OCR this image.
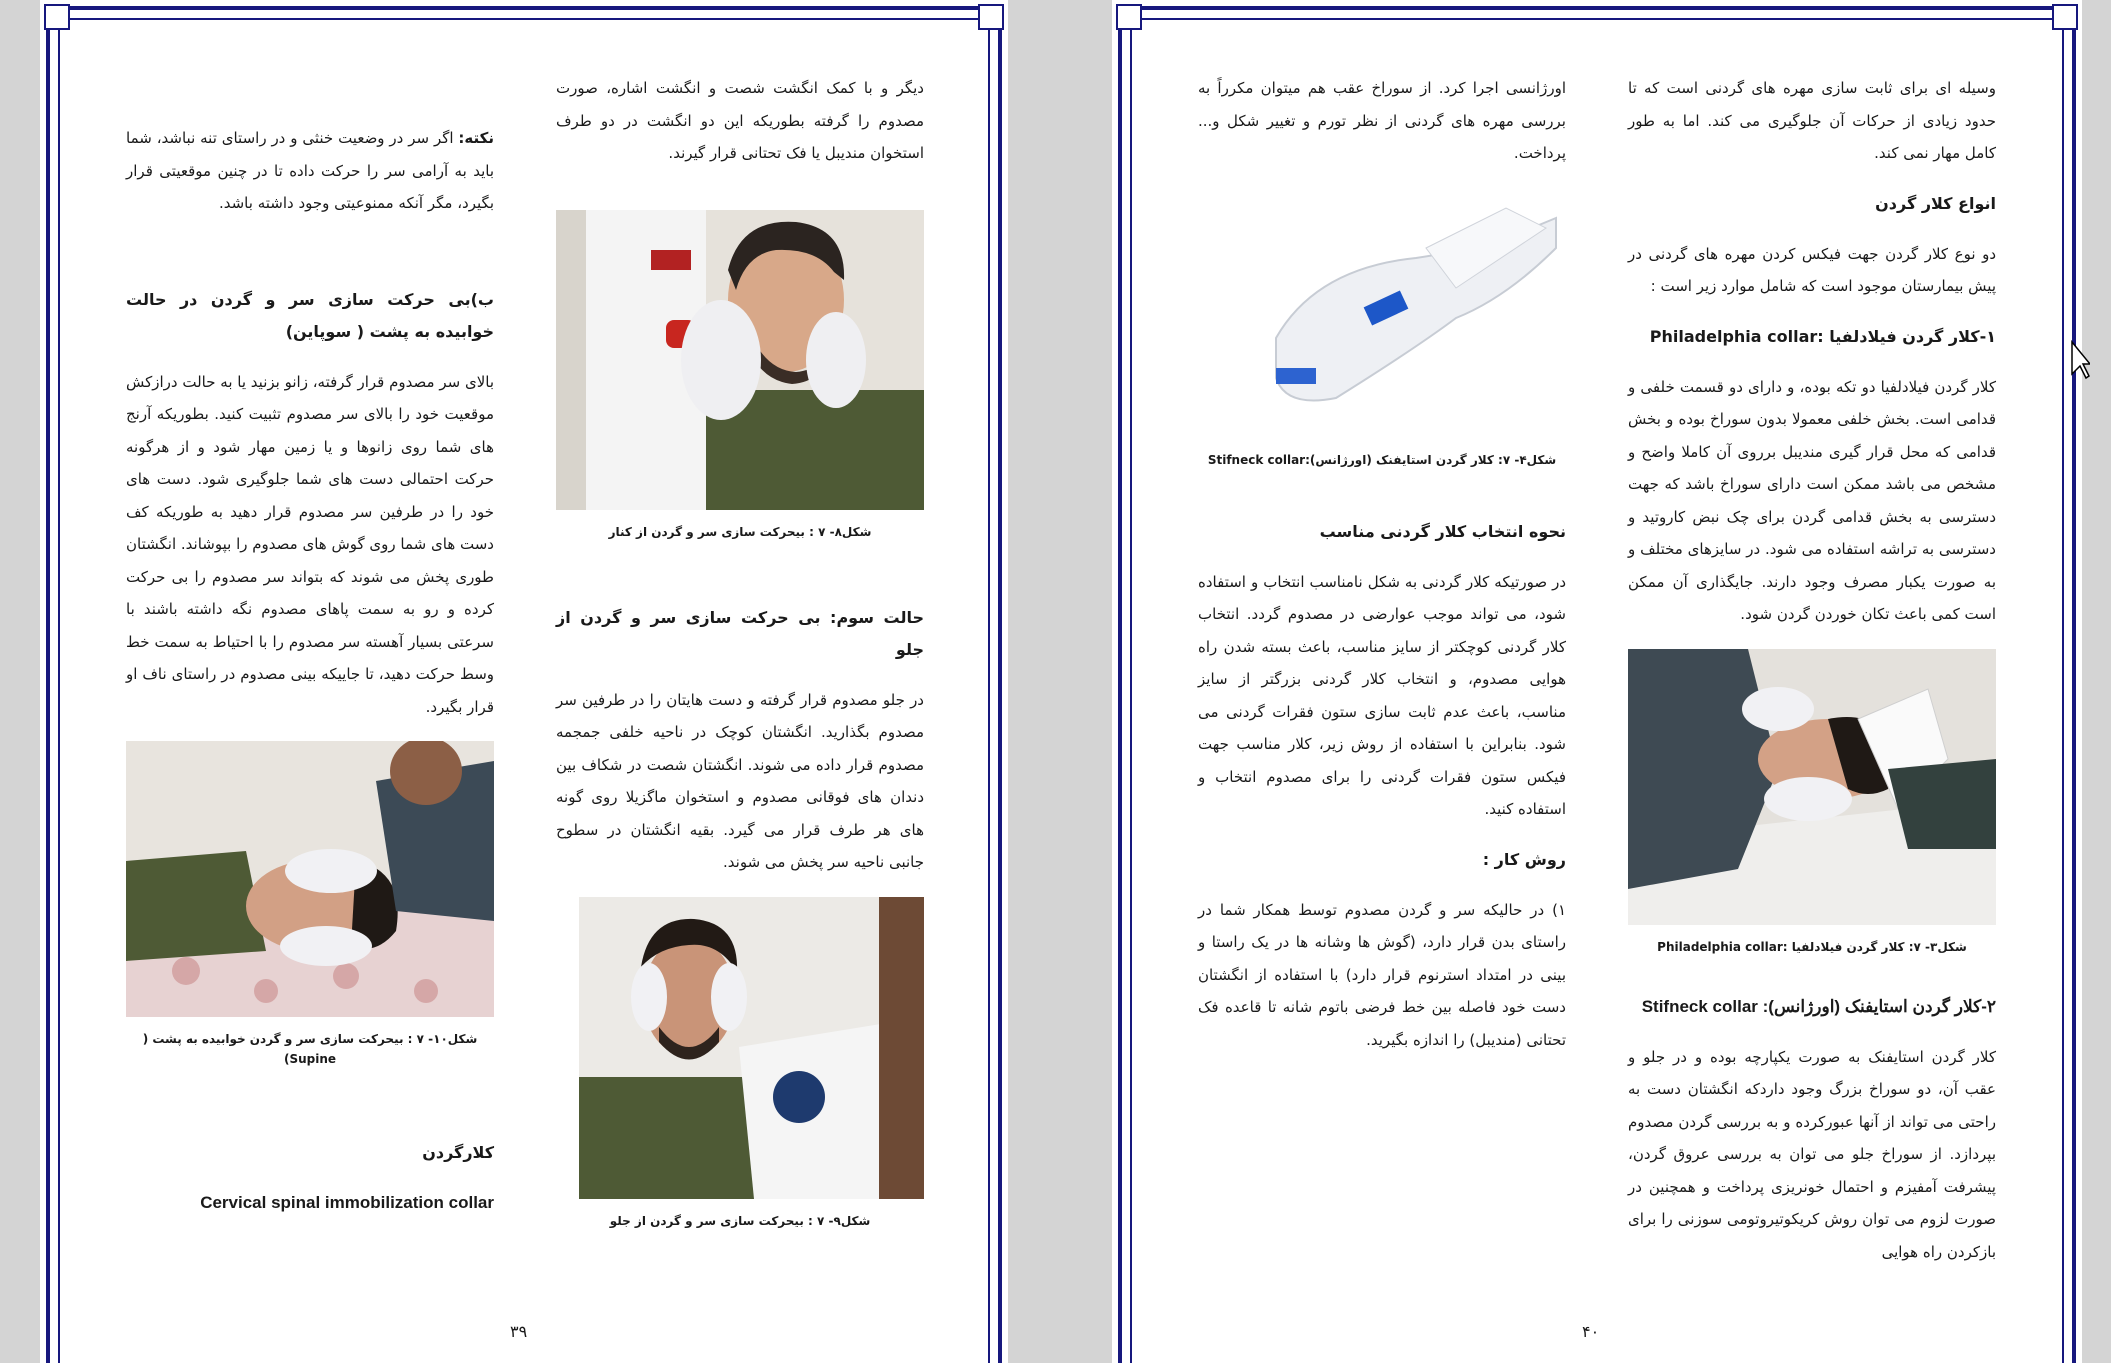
دیگر و با کمک انگشت شصت و انگشت اشاره، صورت مصدوم را گرفته بطوریکه این دو انگشت در دو طرف استخوان مندیبل یا فک تحتانی قرار گیرند.

شکل۸- ۷ : بیحرکت سازی سر و گردن از کنار
حالت سوم: بی حرکت سازی سر و گردن از جلو

در جلو مصدوم قرار گرفته و دست هایتان را در طرفین سر مصدوم بگذارید. انگشتان کوچک در ناحیه خلفی جمجمه مصدوم قرار داده می شوند. انگشتان شصت در شکاف بین دندان های فوقانی مصدوم و استخوان ماگزیلا روی گونه های هر طرف قرار می گیرد. بقیه انگشتان در سطوح جانبی ناحیه سر پخش می شوند.

شکل۹- ۷ : بیحرکت سازی سر و گردن از جلو

نکته: اگر سر در وضعیت خنثی و در راستای تنه نباشد، شما باید به آرامی سر را حرکت داده تا در چنین موقعیتی قرار بگیرد، مگر آنکه ممنوعیتی وجود داشته باشد.

ب)بی حرکت سازی سر و گردن در حالت خوابیده به پشت ( سوپاین)

بالای سر مصدوم قرار گرفته، زانو بزنید یا به حالت درازکش موقعیت خود را بالای سر مصدوم تثبیت کنید. بطوریکه آرنج های شما روی زانوها و یا زمین مهار شود و از هرگونه حرکت احتمالی دست های شما جلوگیری شود. دست های خود را در طرفین سر مصدوم قرار دهید به طوریکه کف دست های شما روی گوش های مصدوم را بپوشاند. انگشتان طوری پخش می شوند که بتواند سر مصدوم را بی حرکت کرده و رو به سمت پاهای مصدوم نگه داشته باشند با سرعتی بسیار آهسته سر مصدوم را با احتیاط به سمت خط وسط حرکت دهید، تا جاییکه بینی مصدوم در راستای ناف او قرار بگیرد.

شکل۱۰- ۷ : بیحرکت سازی سر و گردن خوابیده به پشت ( Supine)
کلارگردن
Cervical spinal immobilization collar
۳۹

وسیله ای برای ثابت سازی مهره های گردنی است که تا حدود زیادی از حرکات آن جلوگیری می کند. اما به طور کامل مهار نمی کند.

انواع کلار گردن

دو نوع کلار گردن جهت فیکس کردن مهره های گردنی در پیش بیمارستان موجود است که شامل موارد زیر است :

۱-کلار گردن فیلادلفیا :Philadelphia collar

کلار گردن فیلادلفیا دو تکه بوده، و دارای دو قسمت خلفی و قدامی است. بخش خلفی معمولا بدون سوراخ بوده و بخش قدامی که محل قرار گیری مندیبل برروی آن کاملا واضح و مشخص می باشد ممکن است دارای سوراخ باشد که جهت دسترسی به بخش قدامی گردن برای چک نبض کاروتید و دسترسی به تراشه استفاده می شود. در سایزهای مختلف و به صورت یکبار مصرف وجود دارند. جایگذاری آن ممکن است کمی باعث تکان خوردن گردن شود.

شکل۳- ۷: کلار گردن فیلادلفیا :Philadelphia collar
۲-کلار گردن استایفنک (اورژانس): Stifneck collar

کلار گردن استایفنک به صورت یکپارچه بوده و در جلو و عقب آن، دو سوراخ بزرگ وجود داردکه انگشتان دست به راحتی می تواند از آنها عبورکرده و به بررسی گردن مصدوم بپردازد. از سوراخ جلو می توان به بررسی عروق گردن، پیشرفت آمفیزم و احتمال خونریزی پرداخت و همچنین در صورت لزوم می توان روش کریکوتیروتومی سوزنی را برای بازکردن راه هوایی

اورژانسی اجرا کرد. از سوراخ عقب هم میتوان مکرراً به بررسی مهره های گردنی از نظر تورم و تغییر شکل و... پرداخت.

شکل۴- ۷: کلار گردن استایفنک (اورژانس):Stifneck collar
نحوه انتخاب کلار گردنی مناسب

در صورتیکه کلار گردنی به شکل نامناسب انتخاب و استفاده شود، می تواند موجب عوارضی در مصدوم گردد. انتخاب کلار گردنی کوچکتر از سایز مناسب، باعث بسته شدن راه هوایی مصدوم، و انتخاب کلار گردنی بزرگتر از سایز مناسب، باعث عدم ثابت سازی ستون فقرات گردنی می شود. بنابراین با استفاده از روش زیر، کلار مناسب جهت فیکس ستون فقرات گردنی را برای مصدوم انتخاب و استفاده کنید.

روش کار :

۱) در حالیکه سر و گردن مصدوم توسط همکار شما در راستای بدن قرار دارد، (گوش ها وشانه ها در یک راستا و بینی در امتداد استرنوم قرار دارد) با استفاده از انگشتان دست خود فاصله بین خط فرضی باتوم شانه تا قاعده فک تحتانی (مندیبل) را اندازه بگیرید.

۴۰
